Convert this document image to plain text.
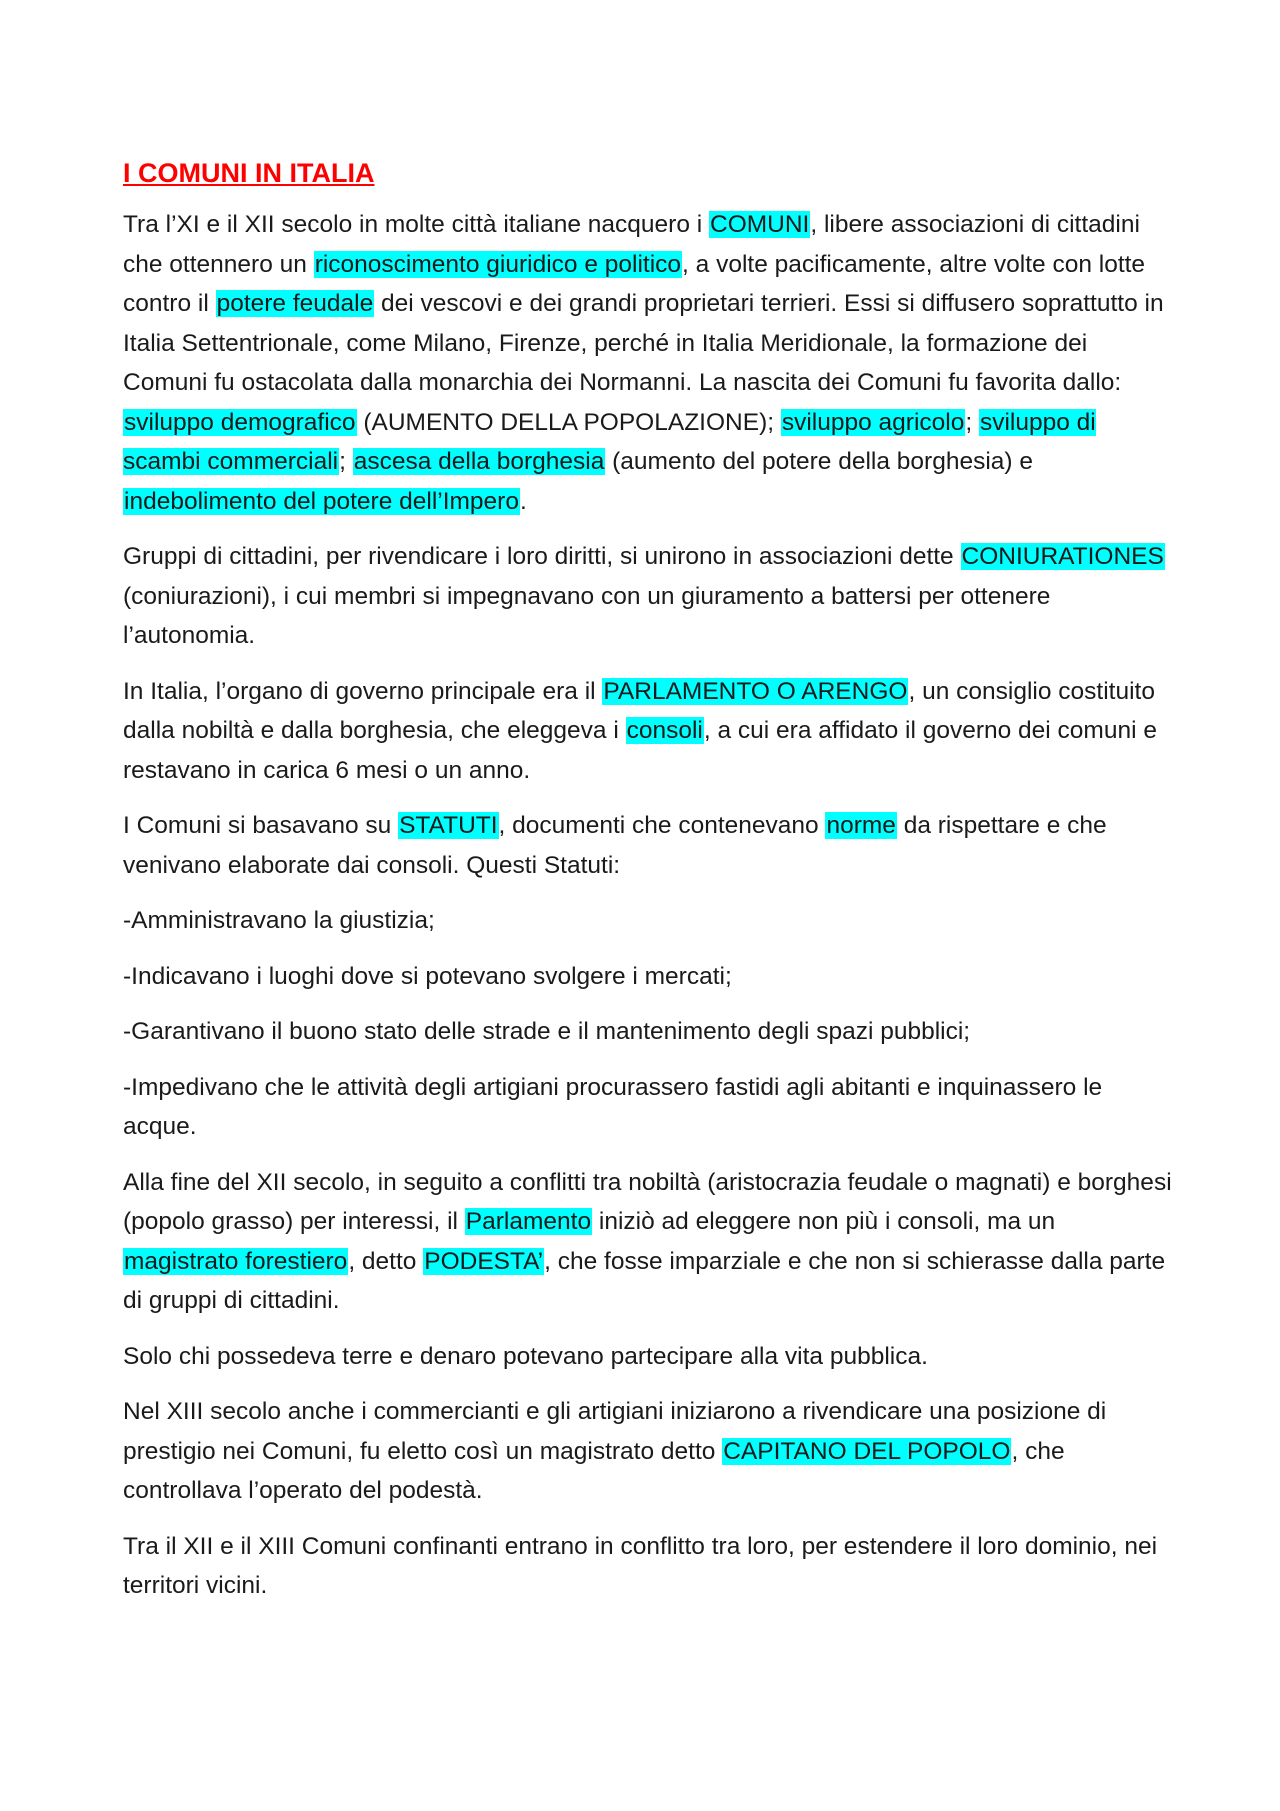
I COMUNI IN ITALIA

Tra l’XI e il XII secolo in molte città italiane nacquero i COMUNI, libere associazioni di cittadini che ottennero un riconoscimento giuridico e politico, a volte pacificamente, altre volte con lotte contro il potere feudale dei vescovi e dei grandi proprietari terrieri. Essi si diffusero soprattutto in Italia Settentrionale, come Milano, Firenze, perché in Italia Meridionale, la formazione dei Comuni fu ostacolata dalla monarchia dei Normanni. La nascita dei Comuni fu favorita dallo: sviluppo demografico (AUMENTO DELLA POPOLAZIONE); sviluppo agricolo; sviluppo di scambi commerciali; ascesa della borghesia (aumento del potere della borghesia) e indebolimento del potere dell’Impero.

Gruppi di cittadini, per rivendicare i loro diritti, si unirono in associazioni dette CONIURATIONES (coniurazioni), i cui membri si impegnavano con un giuramento a battersi per ottenere l’autonomia.

In Italia, l’organo di governo principale era il PARLAMENTO O ARENGO, un consiglio costituito dalla nobiltà e dalla borghesia, che eleggeva i consoli, a cui era affidato il governo dei comuni e restavano in carica 6 mesi o un anno.

I Comuni si basavano su STATUTI, documenti che contenevano norme da rispettare e che venivano elaborate dai consoli. Questi Statuti:

-Amministravano la giustizia;

-Indicavano i luoghi dove si potevano svolgere i mercati;

-Garantivano il buono stato delle strade e il mantenimento degli spazi pubblici;

-Impedivano che le attività degli artigiani procurassero fastidi agli abitanti e inquinassero le acque.

Alla fine del XII secolo, in seguito a conflitti tra nobiltà (aristocrazia feudale o magnati) e borghesi (popolo grasso) per interessi, il Parlamento iniziò ad eleggere non più i consoli, ma un magistrato forestiero, detto PODESTA’, che fosse imparziale e che non si schierasse dalla parte di gruppi di cittadini.

Solo chi possedeva terre e denaro potevano partecipare alla vita pubblica.

Nel XIII secolo anche i commercianti e gli artigiani iniziarono a rivendicare una posizione di prestigio nei Comuni, fu eletto così un magistrato detto CAPITANO DEL POPOLO, che controllava l’operato del podestà.

Tra il XII e il XIII Comuni confinanti entrano in conflitto tra loro, per estendere il loro dominio, nei territori vicini.
